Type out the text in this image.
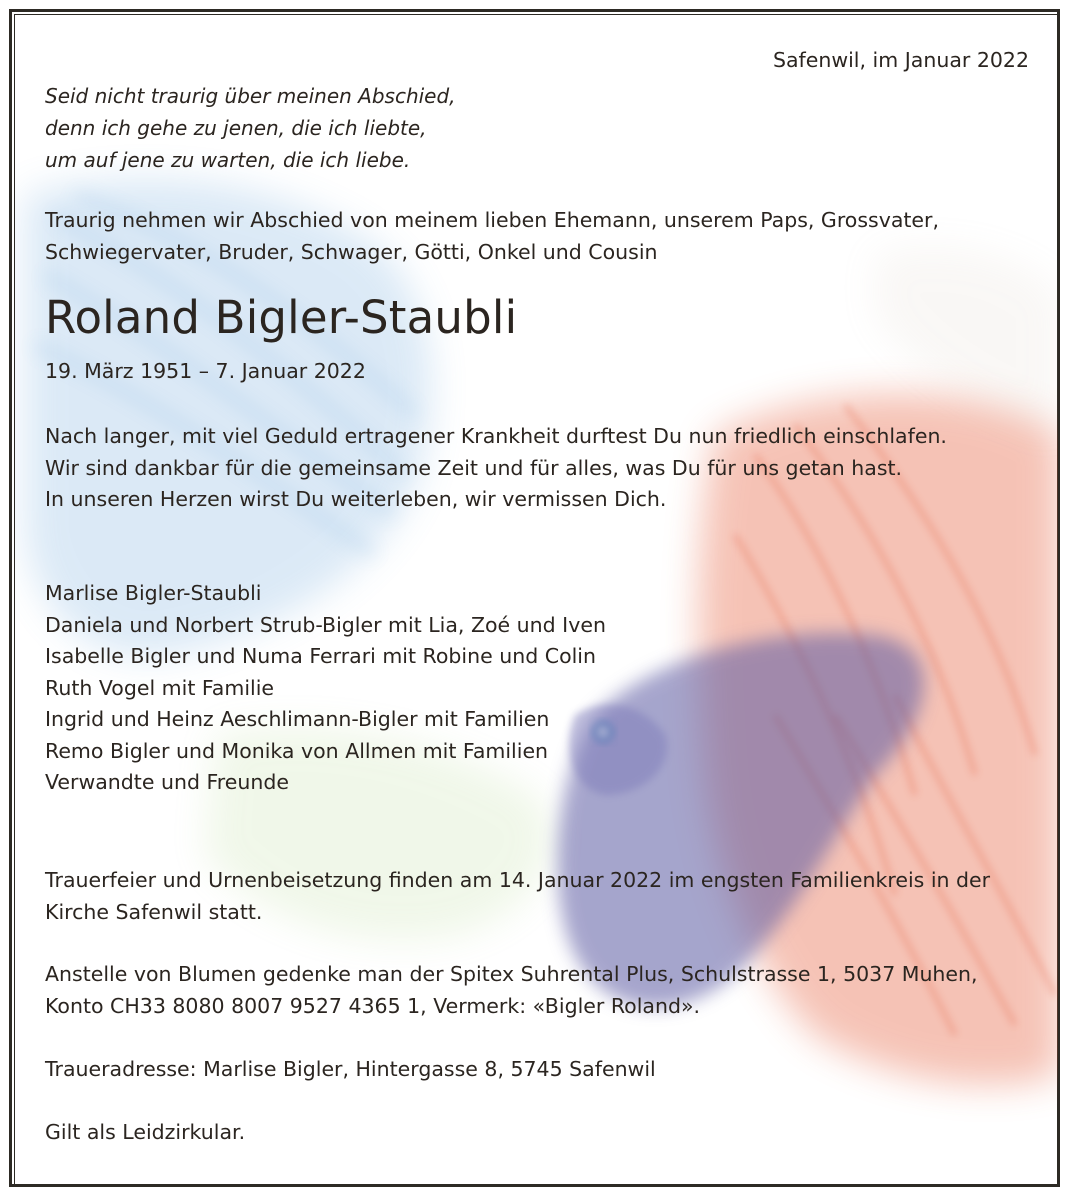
Safenwil, im Januar 2022

Seid nicht traurig über meinen Abschied,
denn ich gehe zu jenen, die ich liebte,
um auf jene zu warten, die ich liebe.

Traurig nehmen wir Abschied von meinem lieben Ehemann, unserem Paps, Grossvater,
Schwiegervater, Bruder, Schwager, Götti, Onkel und Cousin

Roland Bigler-Staubli

19. März 1951 – 7. Januar 2022

Nach langer, mit viel Geduld ertragener Krankheit durftest Du nun friedlich einschlafen.
Wir sind dankbar für die gemeinsame Zeit und für alles, was Du für uns getan hast.
In unseren Herzen wirst Du weiterleben, wir vermissen Dich.

Marlise Bigler-Staubli
Daniela und Norbert Strub-Bigler mit Lia, Zoé und Iven
Isabelle Bigler und Numa Ferrari mit Robine und Colin
Ruth Vogel mit Familie
Ingrid und Heinz Aeschlimann-Bigler mit Familien
Remo Bigler und Monika von Allmen mit Familien
Verwandte und Freunde

Trauerfeier und Urnenbeisetzung finden am 14. Januar 2022 im engsten Familienkreis in der
Kirche Safenwil statt.

Anstelle von Blumen gedenke man der Spitex Suhrental Plus, Schulstrasse 1, 5037 Muhen,
Konto CH33 8080 8007 9527 4365 1, Vermerk: «Bigler Roland».

Traueradresse: Marlise Bigler, Hintergasse 8, 5745 Safenwil

Gilt als Leidzirkular.
